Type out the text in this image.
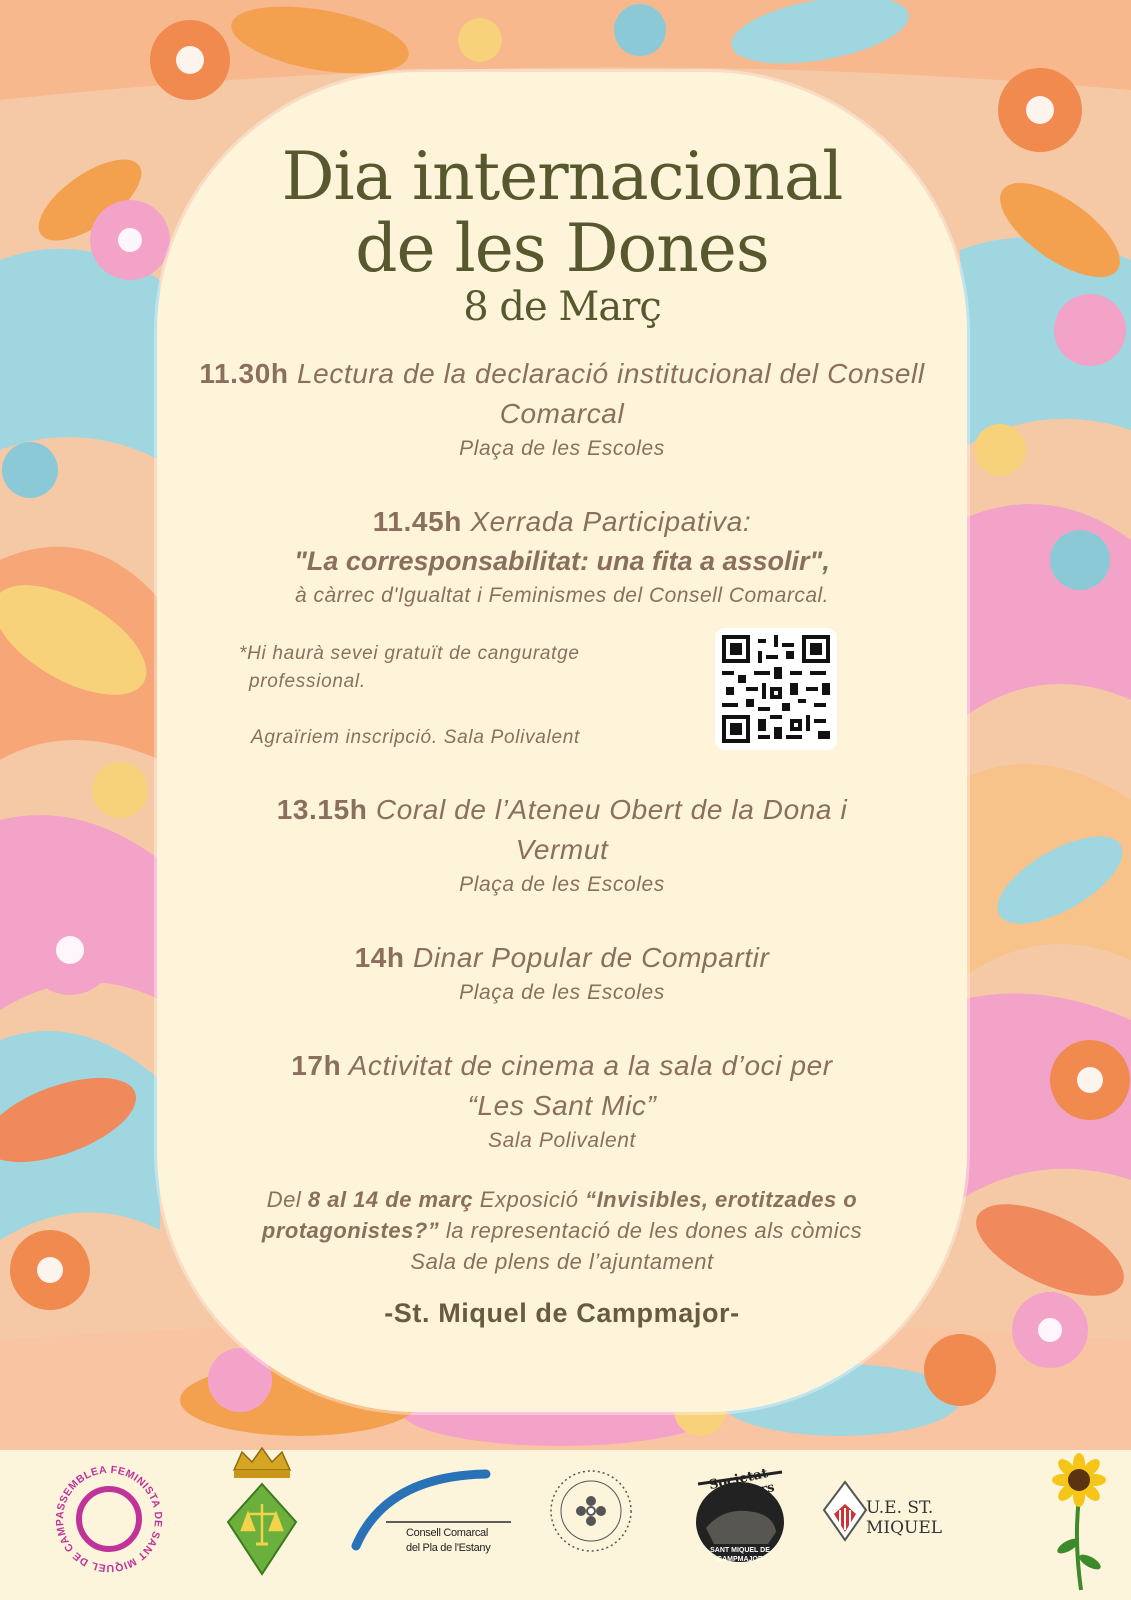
Dia internacional
de les Dones
8 de Març
11.30h Lectura de la declaració institucional del Consell Comarcal
Plaça de les Escoles
11.45h Xerrada Participativa:
"La corresponsabilitat: una fita a assolir",
à càrrec d'Igualtat i Feminismes del Consell Comarcal.
*Hi haurà sevei gratuït de canguratge
professional.
Agraïriem inscripció. Sala Polivalent
13.15h Coral de l’Ateneu Obert de la Dona i Vermut
Plaça de les Escoles
14h Dinar Popular de Compartir
Plaça de les Escoles
17h Activitat de cinema a la sala d’oci per “Les Sant Mic”
Sala Polivalent
Del 8 al 14 de març Exposició “Invisibles, erotitzades o protagonistes?” la representació de les dones als còmics
Sala de plens de l’ajuntament
-St. Miquel de Campmajor-
ASSEMBLEA FEMINISTA DE SANT MIQUEL DE CAMP
Consell Comarcal
del Pla de l'Estany
Societat Caçadors
SANT MIQUEL DE
CAMPMAJOR
U.E. ST. MIQUEL
